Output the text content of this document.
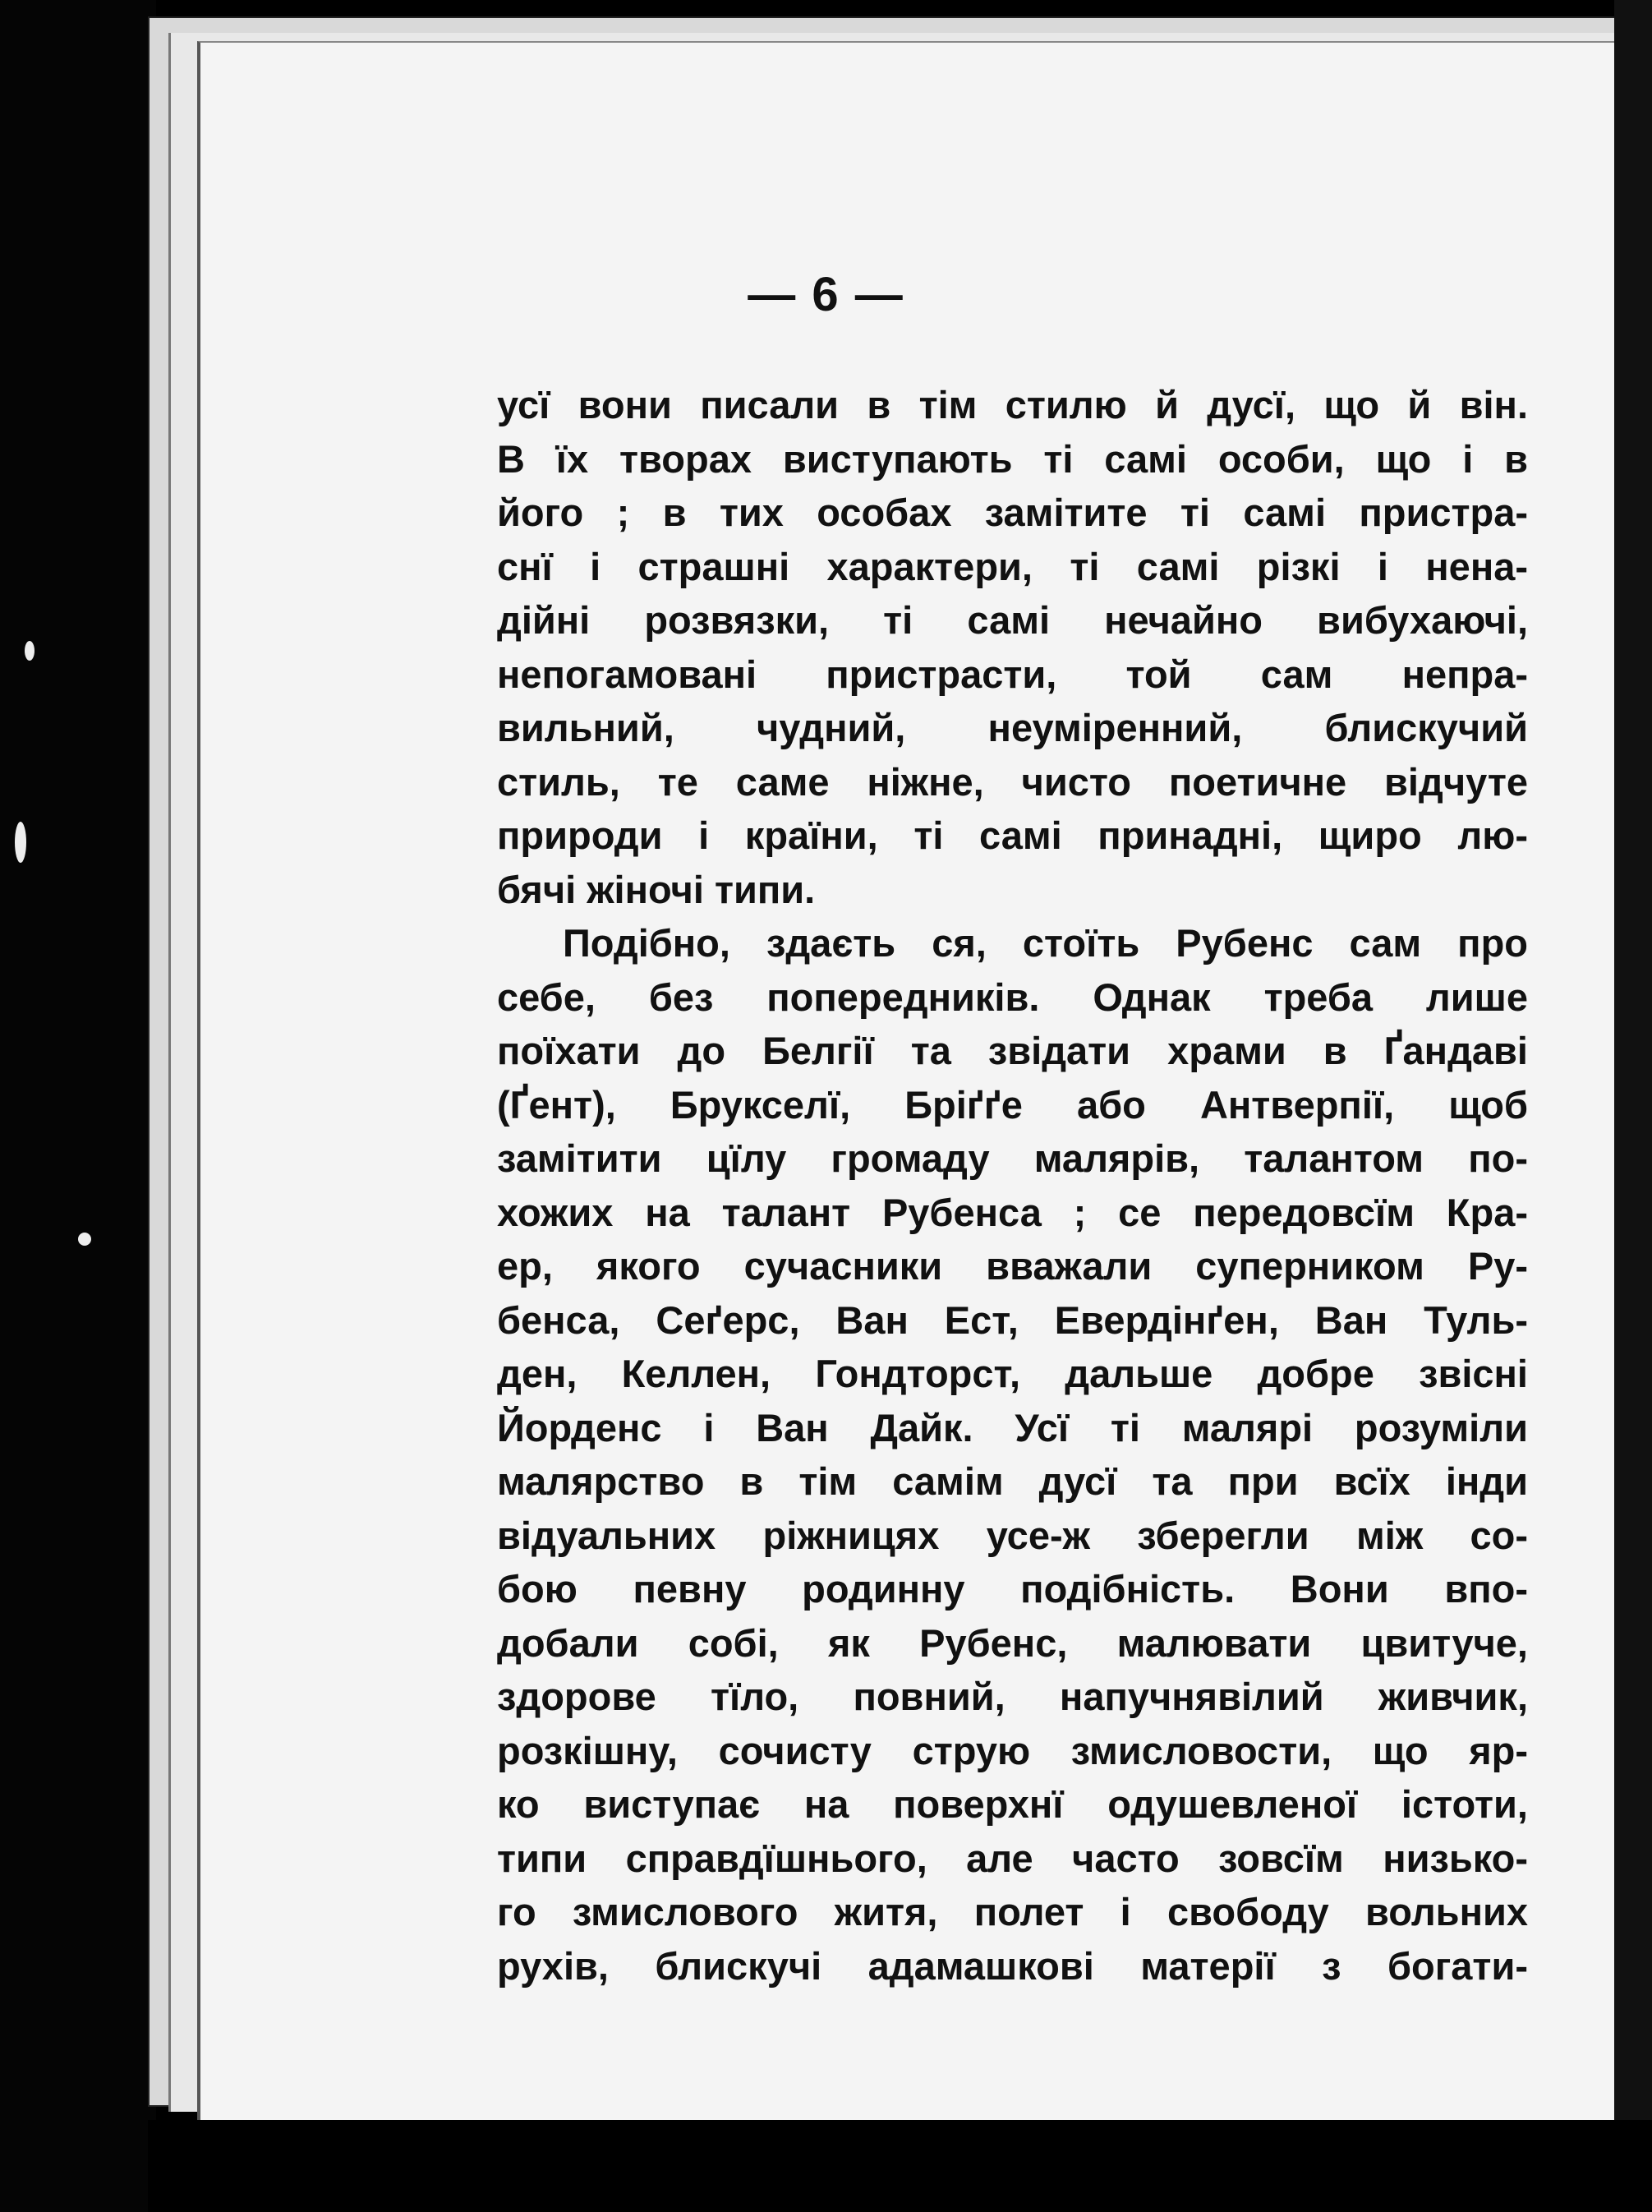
— 6 —
усї вони писали в тім стилю й дусї, що й він.
В їх творах виступають ті самі особи, що і в
його ; в тих особах замітите ті самі пристра-
снї і страшні характери, ті самі різкі і нена-
дійні розвязки, ті самі нечайно вибухаючі,
непогамовані пристрасти, той сам непра-
вильний, чудний, неуміренний, блискучий
стиль, те саме ніжне, чисто поетичне відчуте
природи і країни, ті самі принадні, щиро лю-
бячі жіночі типи.
Подібно, здаєть ся, стоїть Рубенс сам про
себе, без попередників. Однак треба лише
поїхати до Белгії та звідати храми в Ґандаві
(Ґент), Брукселї, Бріґґе або Антверпії, щоб
замітити цїлу громаду малярів, талантом по-
хожих на талант Рубенса ; се передовсїм Кра-
ер, якого сучасники вважали суперником Ру-
бенса, Сеґерс, Ван Ест, Евердінґен, Ван Туль-
ден, Келлен, Гондторст, дальше добре звісні
Йорденс і Ван Дайк. Усї ті малярі розуміли
малярство в тім самім дусї та при всїх інди
відуальних ріжницях усе-ж зберегли між со-
бою певну родинну подібність. Вони впо-
добали собі, як Рубенс, малювати цвитуче,
здорове тїло, повний, напучнявілий живчик,
розкішну, сочисту струю змисловости, що яр-
ко виступає на поверхнї одушевленої істоти,
типи справдїшнього, але часто зовсїм низько-
го змислового житя, полет і свободу вольних
рухів, блискучі адамашкові матерії з богати-
